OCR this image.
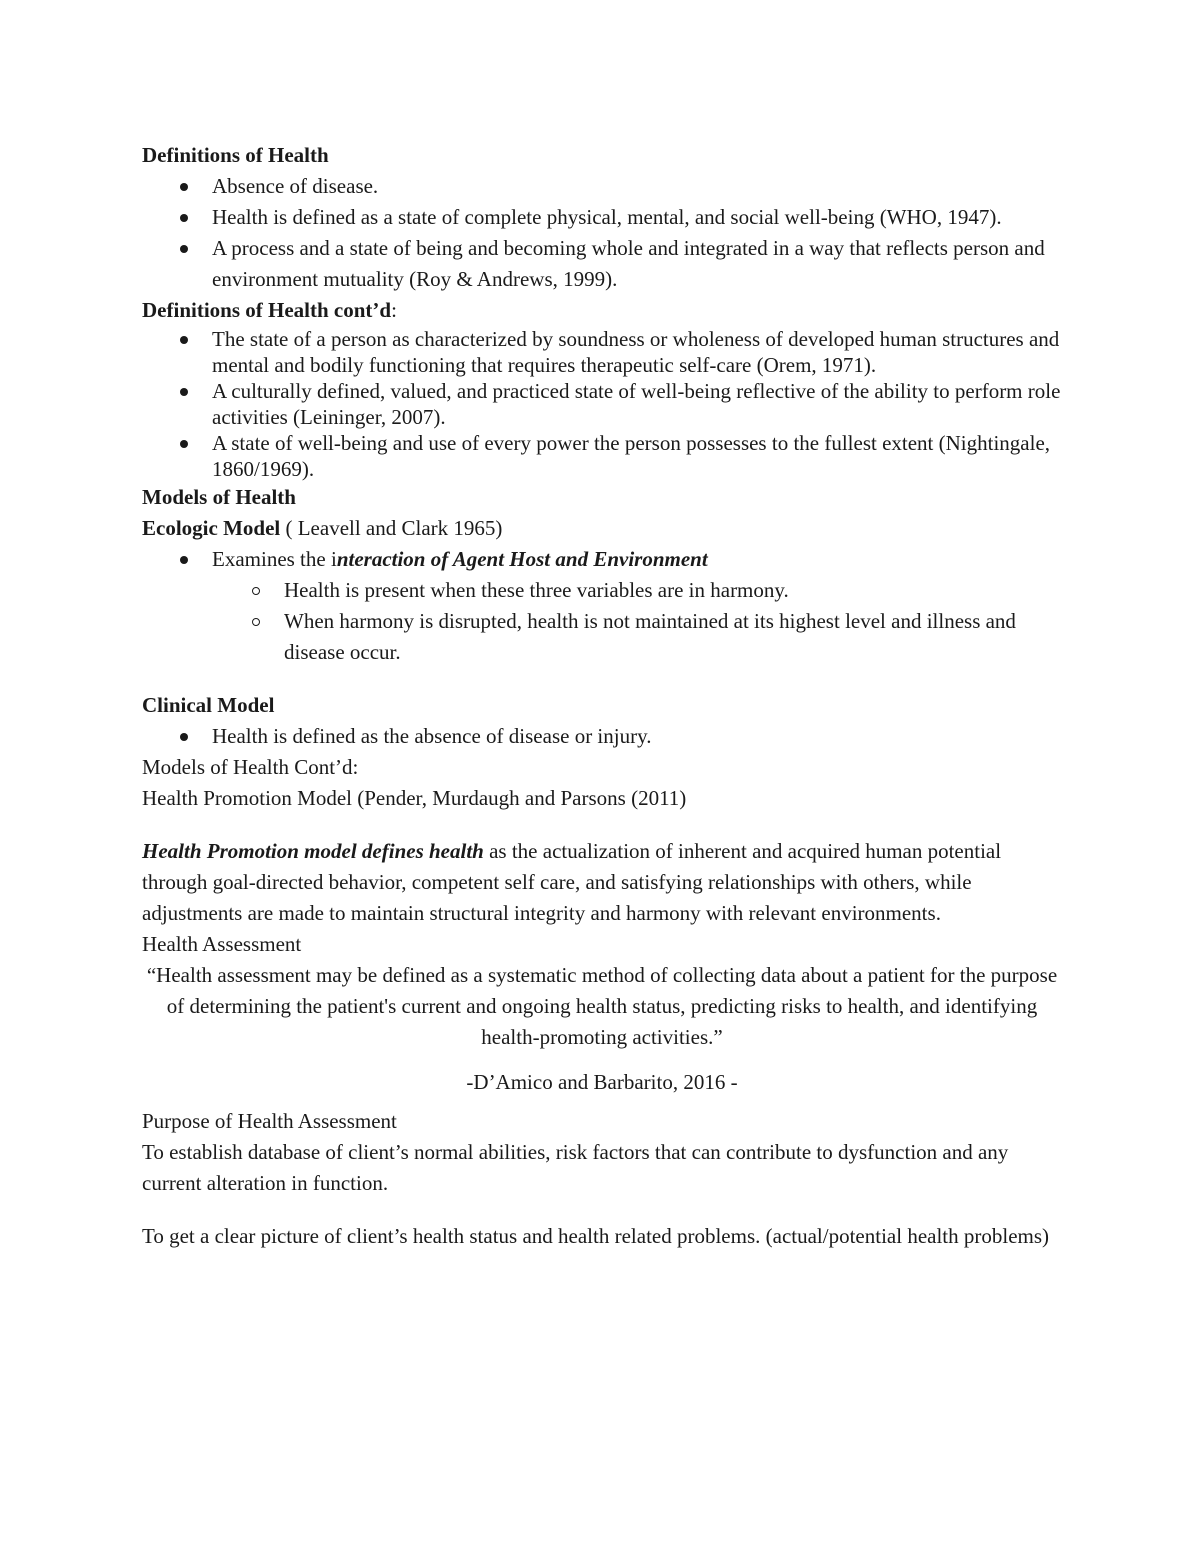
Definitions of Health
Absence of disease.
Health is defined as a state of complete physical, mental, and social well-being (WHO, 1947).
A process and a state of being and becoming whole and integrated in a way that reflects person and environment mutuality (Roy & Andrews, 1999).
Definitions of Health cont’d:
The state of a person as characterized by soundness or wholeness of developed human structures and mental and bodily functioning that requires therapeutic self-care (Orem, 1971).
A culturally defined, valued, and practiced state of well-being reflective of the ability to perform role activities (Leininger, 2007).
A state of well-being and use of every power the person possesses to the fullest extent (Nightingale, 1860/1969).
Models of Health
Ecologic Model ( Leavell and Clark 1965)
Examines the interaction of Agent Host and Environment
Health is present when these three variables are in harmony.
When harmony is disrupted, health is not maintained at its highest level and illness and disease occur.
Clinical Model
Health is defined as the absence of disease or injury.
Models of Health Cont’d:
Health Promotion Model (Pender, Murdaugh and Parsons (2011)

Health Promotion model defines health as the actualization of inherent and acquired human potential through goal-directed behavior, competent self care, and satisfying relationships with others, while adjustments are made to maintain structural integrity and harmony with relevant environments.

Health Assessment

“Health assessment may be defined as a systematic method of collecting data about a patient for the purpose of determining the patient's current and ongoing health status, predicting risks to health, and identifying health-promoting activities.”

-D’Amico and Barbarito, 2016 -

Purpose of Health Assessment

To establish database of client’s normal abilities, risk factors that can contribute to dysfunction and any current alteration in function.

To get a clear picture of client’s health status and health related problems. (actual/potential health problems)
